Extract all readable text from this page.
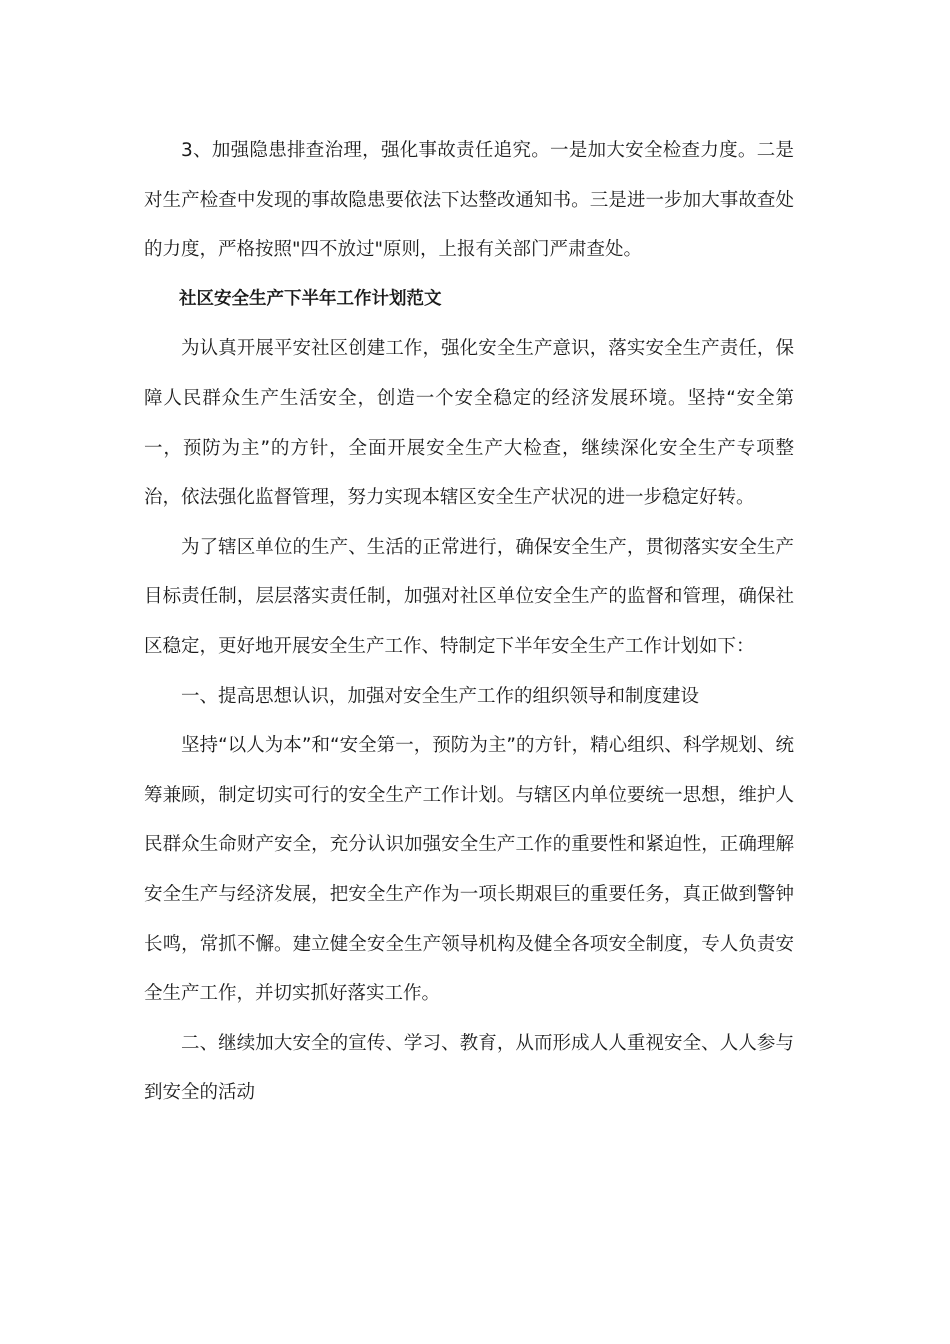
3、加强隐患排查治理，强化事故责任追究。一是加大安全检查力度。二是对生产检查中发现的事故隐患要依法下达整改通知书。三是进一步加大事故查处的力度，严格按照"四不放过"原则，上报有关部门严肃查处。

社区安全生产下半年工作计划范文

为认真开展平安社区创建工作，强化安全生产意识，落实安全生产责任，保障人民群众生产生活安全，创造一个安全稳定的经济发展环境。坚持“安全第一，预防为主”的方针，全面开展安全生产大检查，继续深化安全生产专项整治，依法强化监督管理，努力实现本辖区安全生产状况的进一步稳定好转。

为了辖区单位的生产、生活的正常进行，确保安全生产，贯彻落实安全生产目标责任制，层层落实责任制，加强对社区单位安全生产的监督和管理，确保社区稳定，更好地开展安全生产工作、特制定下半年安全生产工作计划如下：

一、提高思想认识，加强对安全生产工作的组织领导和制度建设

坚持“以人为本”和“安全第一，预防为主”的方针，精心组织、科学规划、统筹兼顾，制定切实可行的安全生产工作计划。与辖区内单位要统一思想，维护人民群众生命财产安全，充分认识加强安全生产工作的重要性和紧迫性，正确理解安全生产与经济发展，把安全生产作为一项长期艰巨的重要任务，真正做到警钟长鸣，常抓不懈。建立健全安全生产领导机构及健全各项安全制度，专人负责安全生产工作，并切实抓好落实工作。

二、继续加大安全的宣传、学习、教育，从而形成人人重视安全、人人参与到安全的活动
